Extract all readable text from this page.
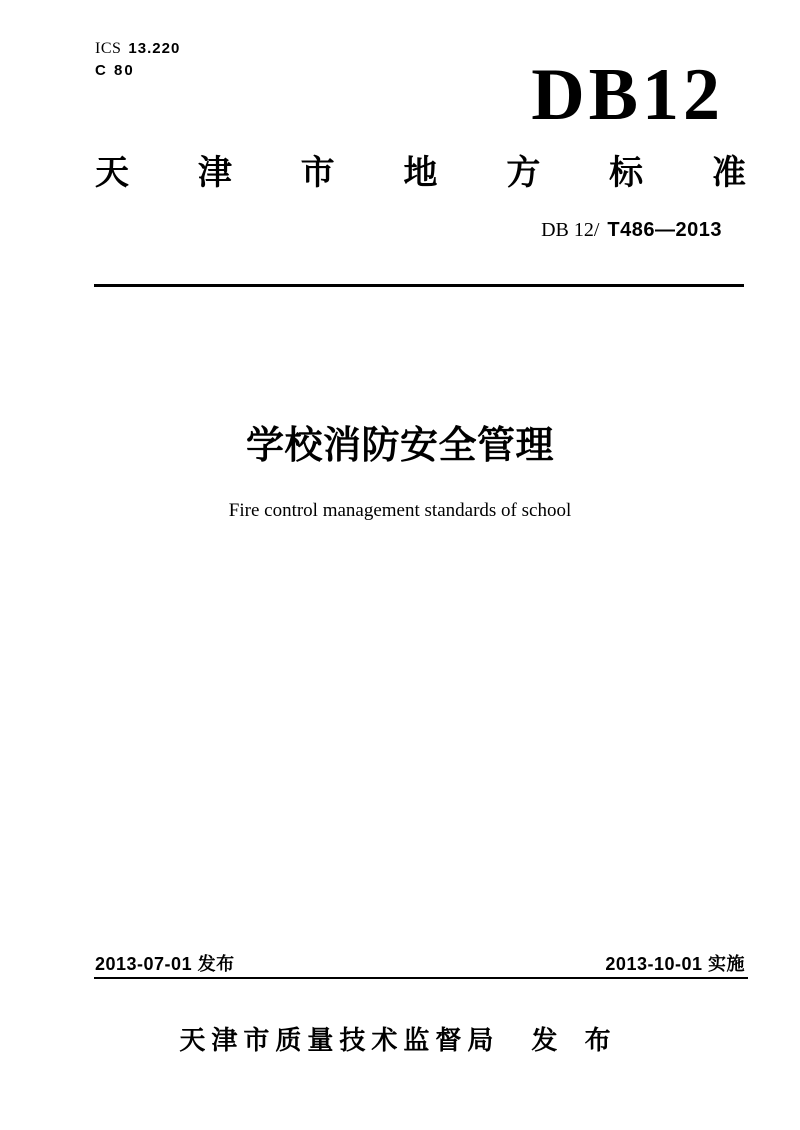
ICS 13.220
C 80	DB12
天 津 市 地 方 标 准
DB 12/ T486—2013
学校消防安全管理
Fire control management standards of school
2013-07-01 发布	2013-10-01 实施
天津市质量技术监督局 发 布
